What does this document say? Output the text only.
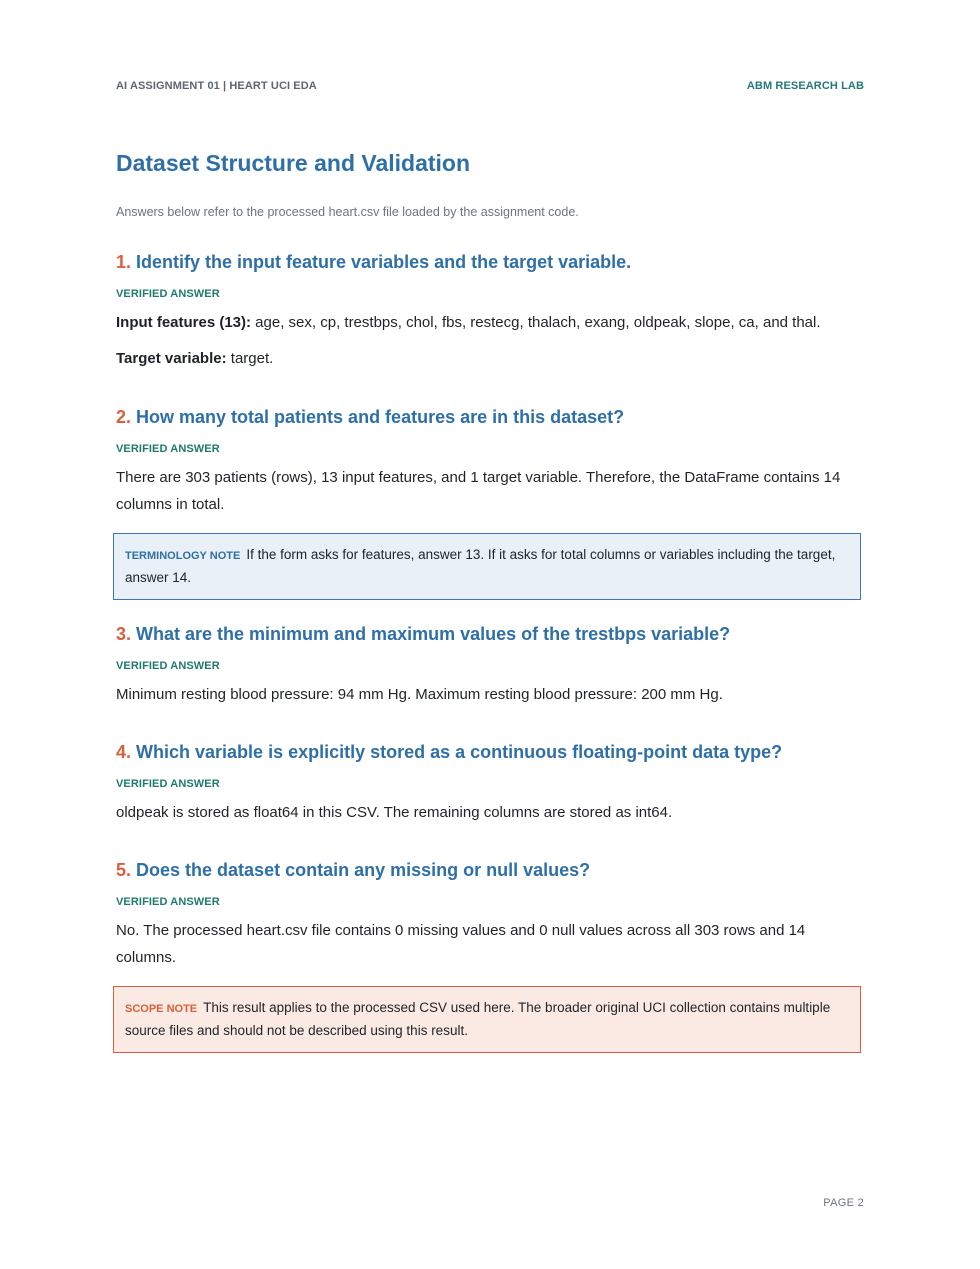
AI ASSIGNMENT 01 | HEART UCI EDA	ABM RESEARCH LAB
Dataset Structure and Validation

Answers below refer to the processed heart.csv file loaded by the assignment code.

1. Identify the input feature variables and the target variable.
VERIFIED ANSWER

Input features (13): age, sex, cp, trestbps, chol, fbs, restecg, thalach, exang, oldpeak, slope, ca, and thal.

Target variable: target.

2. How many total patients and features are in this dataset?
VERIFIED ANSWER

There are 303 patients (rows), 13 input features, and 1 target variable. Therefore, the DataFrame contains 14 columns in total.

TERMINOLOGY NOTE If the form asks for features, answer 13. If it asks for total columns or variables including the target, answer 14.
3. What are the minimum and maximum values of the trestbps variable?
VERIFIED ANSWER

Minimum resting blood pressure: 94 mm Hg. Maximum resting blood pressure: 200 mm Hg.

4. Which variable is explicitly stored as a continuous floating-point data type?
VERIFIED ANSWER

oldpeak is stored as float64 in this CSV. The remaining columns are stored as int64.

5. Does the dataset contain any missing or null values?
VERIFIED ANSWER

No. The processed heart.csv file contains 0 missing values and 0 null values across all 303 rows and 14 columns.

SCOPE NOTE This result applies to the processed CSV used here. The broader original UCI collection contains multiple source files and should not be described using this result.
PAGE 2
